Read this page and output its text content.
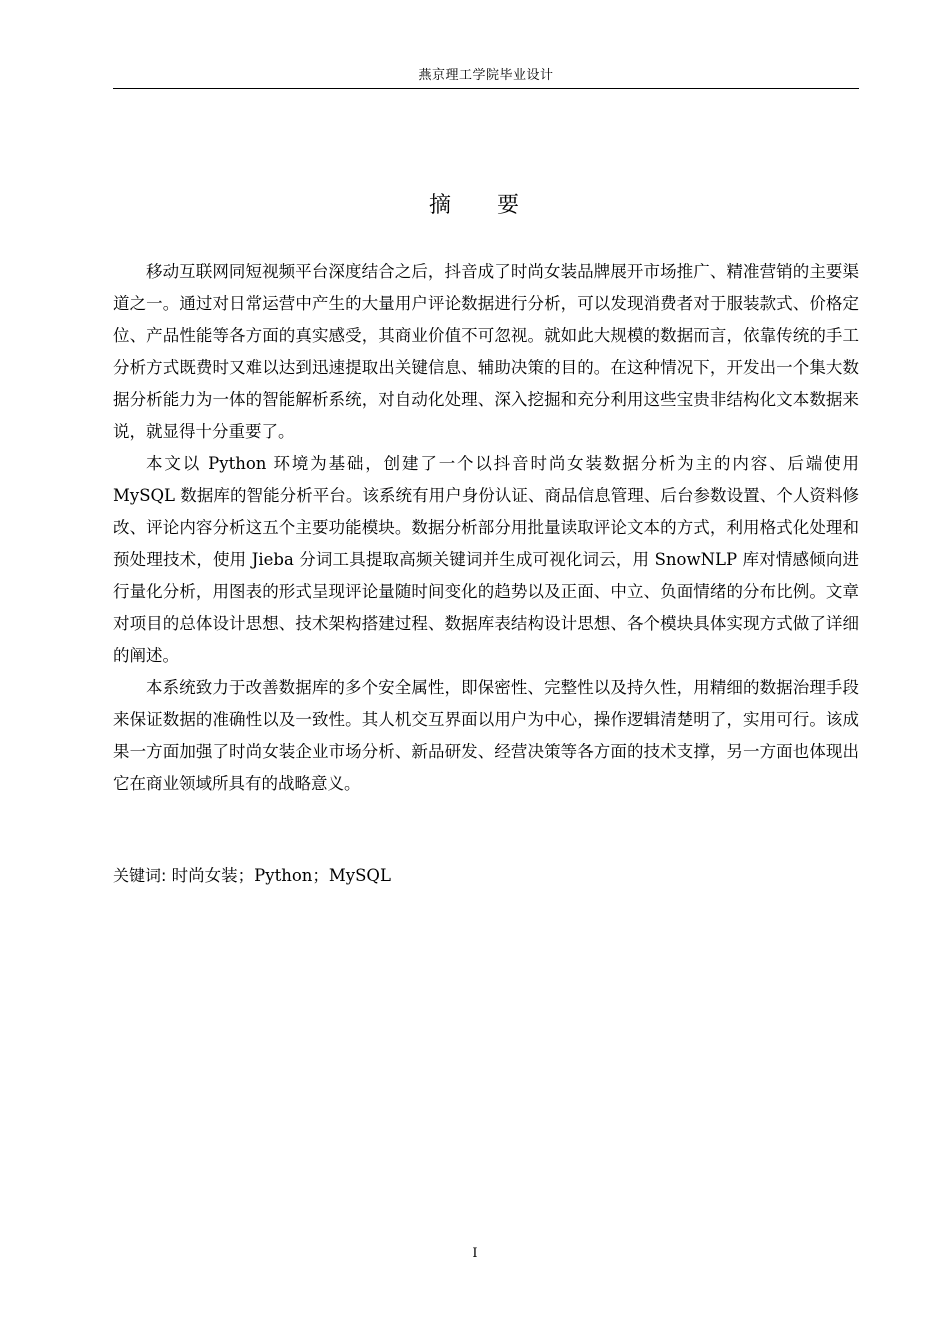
燕京理工学院毕业设计
摘 要

移动互联网同短视频平台深度结合之后，抖音成了时尚女装品牌展开市场推广、精准营销的主要渠道之一。通过对日常运营中产生的大量用户评论数据进行分析，可以发现消费者对于服装款式、价格定位、产品性能等各方面的真实感受，其商业价值不可忽视。就如此大规模的数据而言，依靠传统的手工分析方式既费时又难以达到迅速提取出关键信息、辅助决策的目的。在这种情况下，开发出一个集大数据分析能力为一体的智能解析系统，对自动化处理、深入挖掘和充分利用这些宝贵非结构化文本数据来说，就显得十分重要了。

本文以 Python 环境为基础，创建了一个以抖音时尚女装数据分析为主的内容、后端使用 MySQL 数据库的智能分析平台。该系统有用户身份认证、商品信息管理、后台参数设置、个人资料修改、评论内容分析这五个主要功能模块。数据分析部分用批量读取评论文本的方式，利用格式化处理和预处理技术，使用 Jieba 分词工具提取高频关键词并生成可视化词云，用 SnowNLP 库对情感倾向进行量化分析，用图表的形式呈现评论量随时间变化的趋势以及正面、中立、负面情绪的分布比例。文章对项目的总体设计思想、技术架构搭建过程、数据库表结构设计思想、各个模块具体实现方式做了详细的阐述。

本系统致力于改善数据库的多个安全属性，即保密性、完整性以及持久性，用精细的数据治理手段来保证数据的准确性以及一致性。其人机交互界面以用户为中心，操作逻辑清楚明了，实用可行。该成果一方面加强了时尚女装企业市场分析、新品研发、经营决策等各方面的技术支撑，另一方面也体现出它在商业领域所具有的战略意义。

关键词: 时尚女装；Python；MySQL
I
